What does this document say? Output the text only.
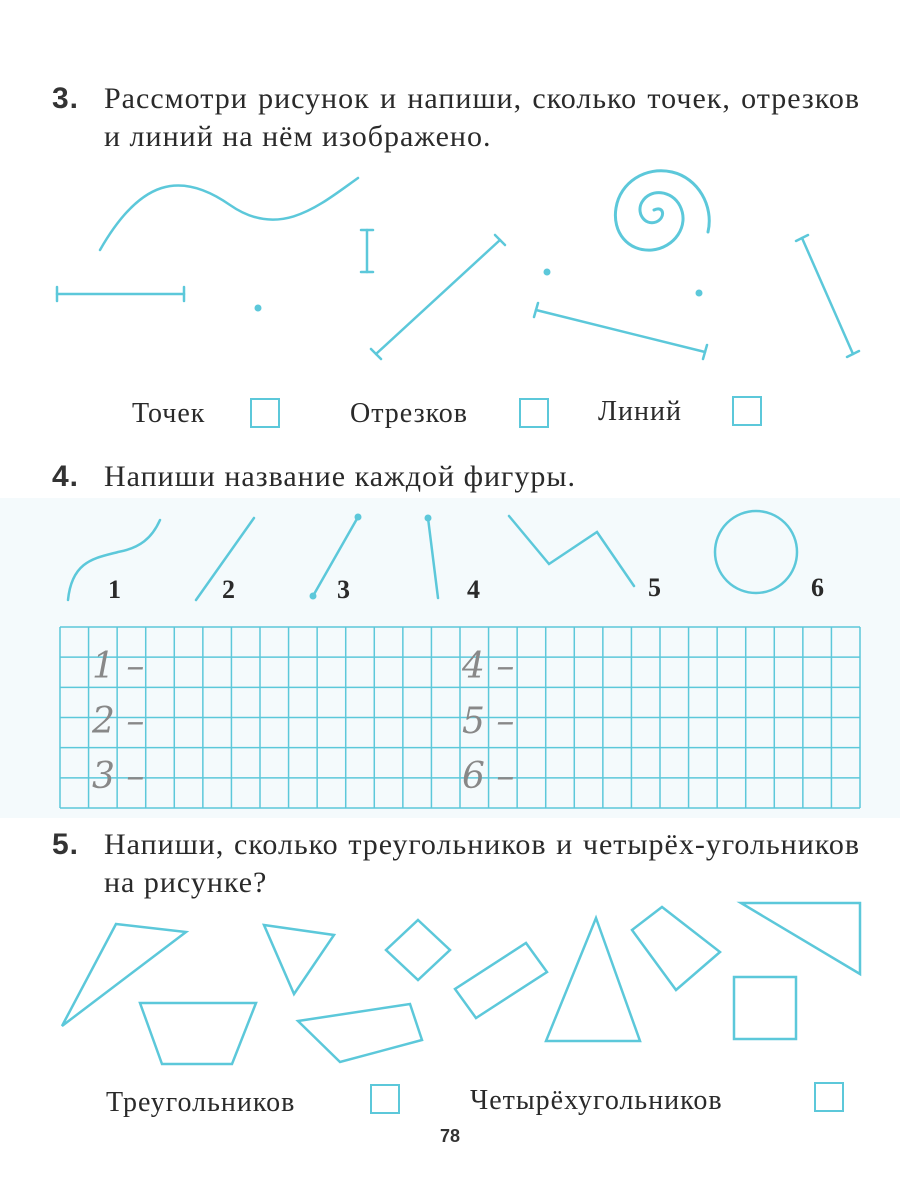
3. Рассмотри рисунок и напиши, сколько точек, отрезков и линий на нём изображено.
Точек	Отрезков	Линий
4. Напиши название каждой фигуры.
1	2	3	4	5	6
1 –
2 –
3 –
4 –
5 –
6 –
5. Напиши, сколько треугольников и четырёх-угольников на рисунке?
Треугольников	Четырёхугольников
78
